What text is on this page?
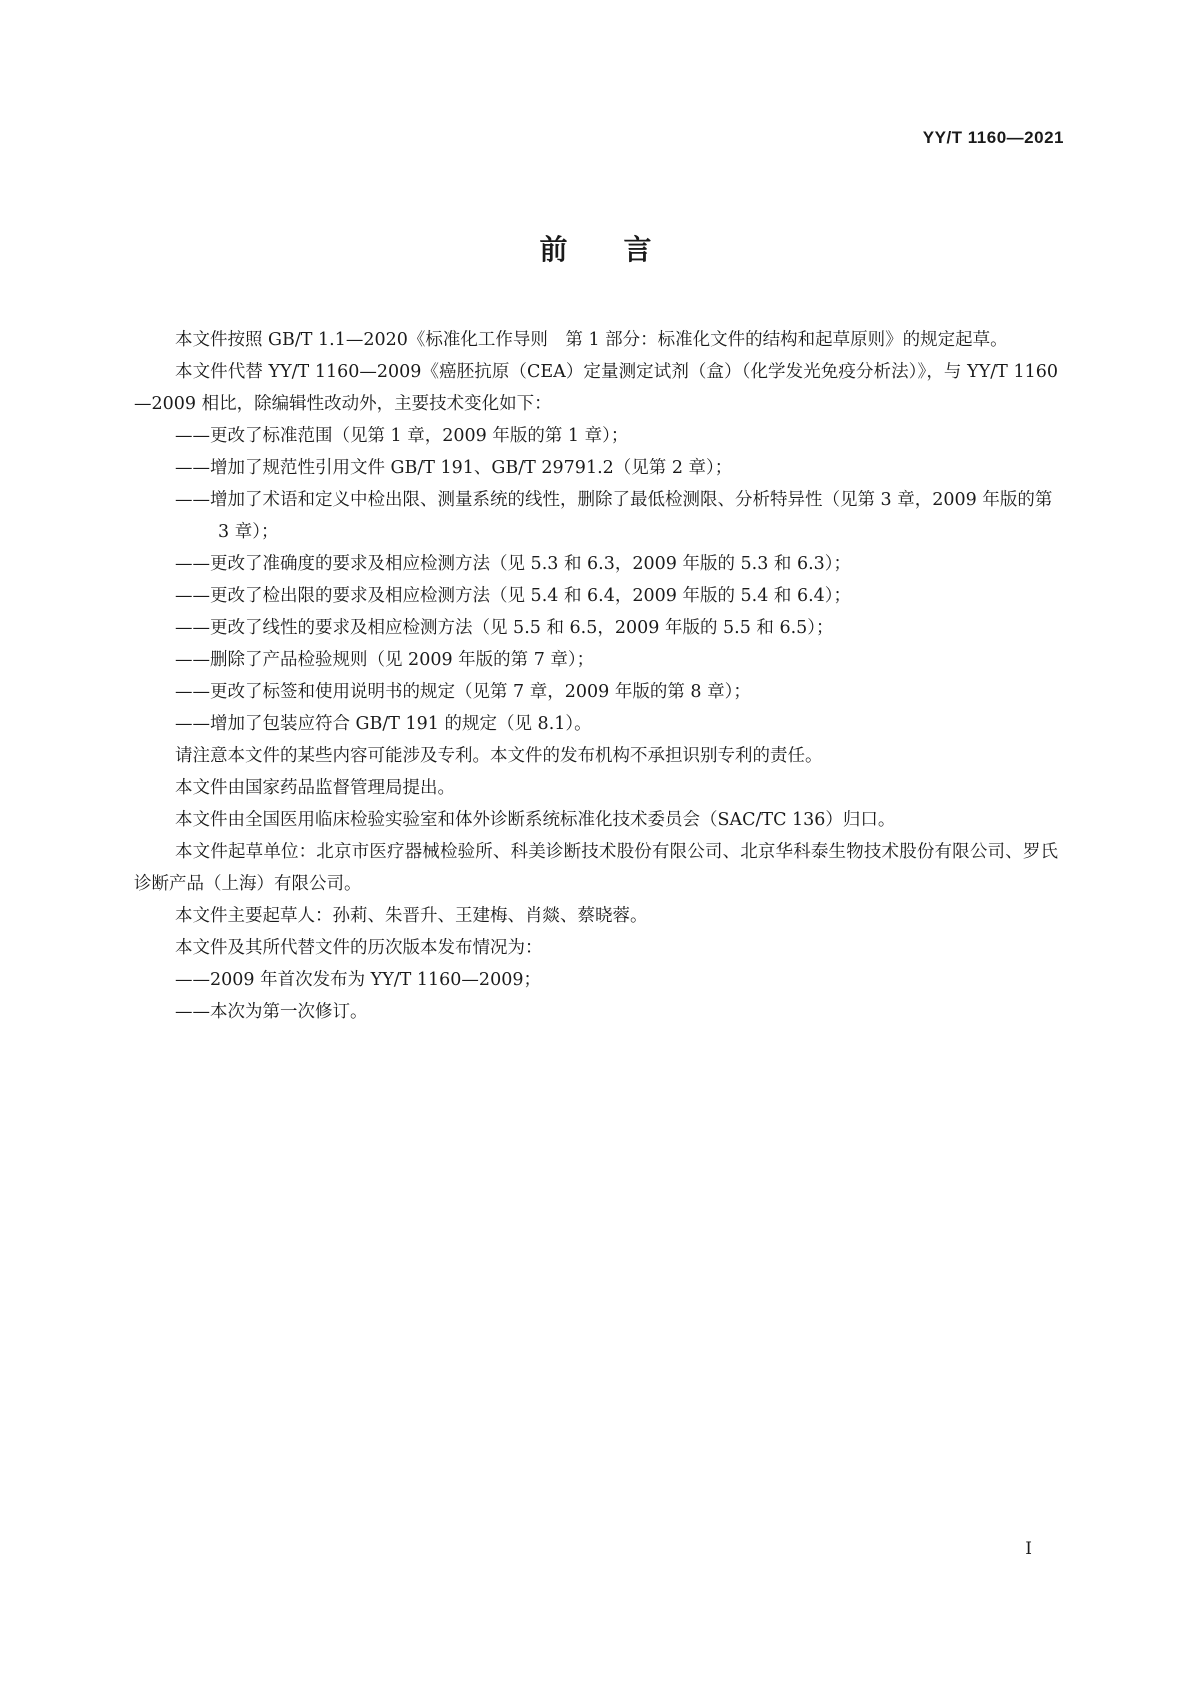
YY/T 1160—2021
前 言

本文件按照 GB/T 1.1—2020《标准化工作导则　第 1 部分：标准化文件的结构和起草原则》的规定起草。

本文件代替 YY/T 1160—2009《癌胚抗原（CEA）定量测定试剂（盒）（化学发光免疫分析法）》，与 YY/T 1160—2009 相比，除编辑性改动外，主要技术变化如下：

——更改了标准范围（见第 1 章，2009 年版的第 1 章）；

——增加了规范性引用文件 GB/T 191、GB/T 29791.2（见第 2 章）；

——增加了术语和定义中检出限、测量系统的线性，删除了最低检测限、分析特异性（见第 3 章，2009 年版的第 3 章）；

——更改了准确度的要求及相应检测方法（见 5.3 和 6.3，2009 年版的 5.3 和 6.3）；

——更改了检出限的要求及相应检测方法（见 5.4 和 6.4，2009 年版的 5.4 和 6.4）；

——更改了线性的要求及相应检测方法（见 5.5 和 6.5，2009 年版的 5.5 和 6.5）；

——删除了产品检验规则（见 2009 年版的第 7 章）；

——更改了标签和使用说明书的规定（见第 7 章，2009 年版的第 8 章）；

——增加了包装应符合 GB/T 191 的规定（见 8.1）。

请注意本文件的某些内容可能涉及专利。本文件的发布机构不承担识别专利的责任。

本文件由国家药品监督管理局提出。

本文件由全国医用临床检验实验室和体外诊断系统标准化技术委员会（SAC/TC 136）归口。

本文件起草单位：北京市医疗器械检验所、科美诊断技术股份有限公司、北京华科泰生物技术股份有限公司、罗氏诊断产品（上海）有限公司。

本文件主要起草人：孙莉、朱晋升、王建梅、肖燚、蔡晓蓉。

本文件及其所代替文件的历次版本发布情况为：

——2009 年首次发布为 YY/T 1160—2009；

——本次为第一次修订。

I
